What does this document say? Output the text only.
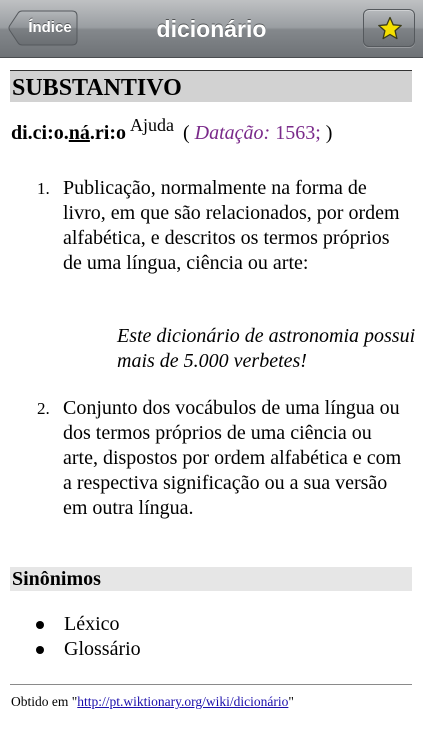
Índice	dicionário
SUBSTANTIVO
di.ci:o.ná.ri:o Ajuda ( Datação: 1563; )
1. Publicação, normalmente na forma de livro, em que são relacionados, por ordem alfabética, e descritos os termos próprios de uma língua, ciência ou arte:
Este dicionário de astronomia possui mais de 5.000 verbetes!
2. Conjunto dos vocábulos de uma língua ou dos termos próprios de uma ciência ou arte, dispostos por ordem alfabética e com a respectiva significação ou a sua versão em outra língua.
Sinônimos
Léxico
Glossário
Obtido em "http://pt.wiktionary.org/wiki/dicionário"
